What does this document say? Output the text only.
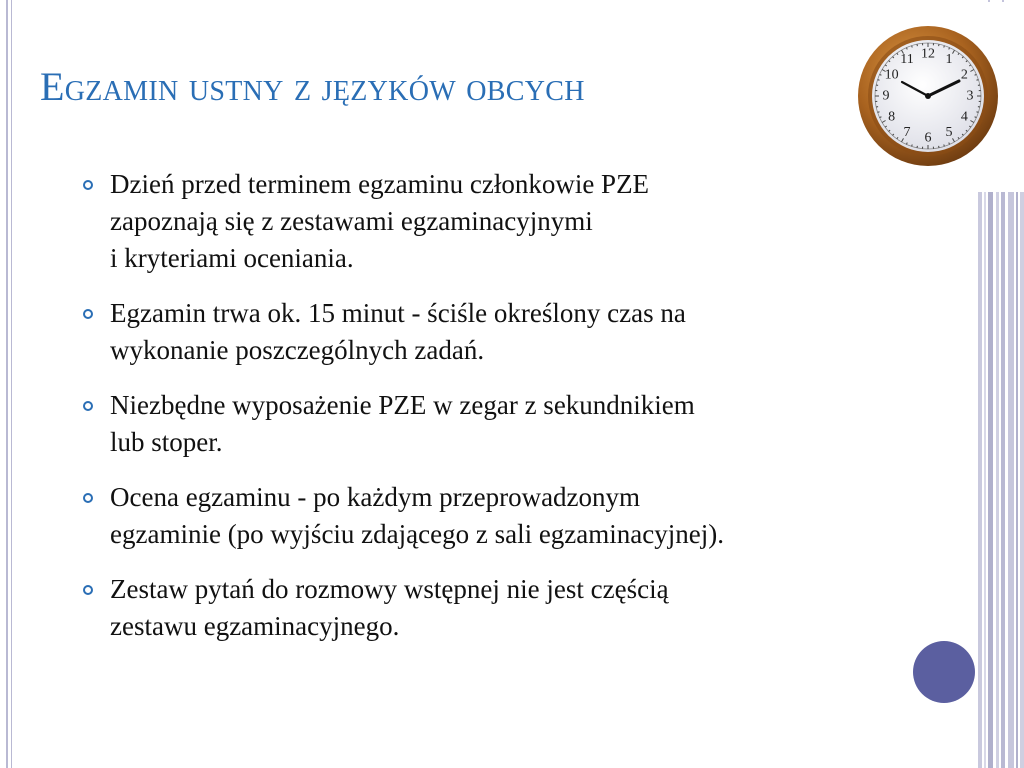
Egzamin ustny z języków obcych
12 1
2
3
4
5
6
7
8
9
10
11
Dzień przed terminem egzaminu członkowie PZE
zapoznają się z zestawami egzaminacyjnymi
i kryteriami oceniania.
Egzamin trwa ok. 15 minut - ściśle określony czas na
wykonanie poszczególnych zadań.
Niezbędne wyposażenie PZE w zegar z sekundnikiem
lub stoper.
Ocena egzaminu - po każdym przeprowadzonym
egzaminie (po wyjściu zdającego z sali egzaminacyjnej).
Zestaw pytań do rozmowy wstępnej nie jest częścią
zestawu egzaminacyjnego.
